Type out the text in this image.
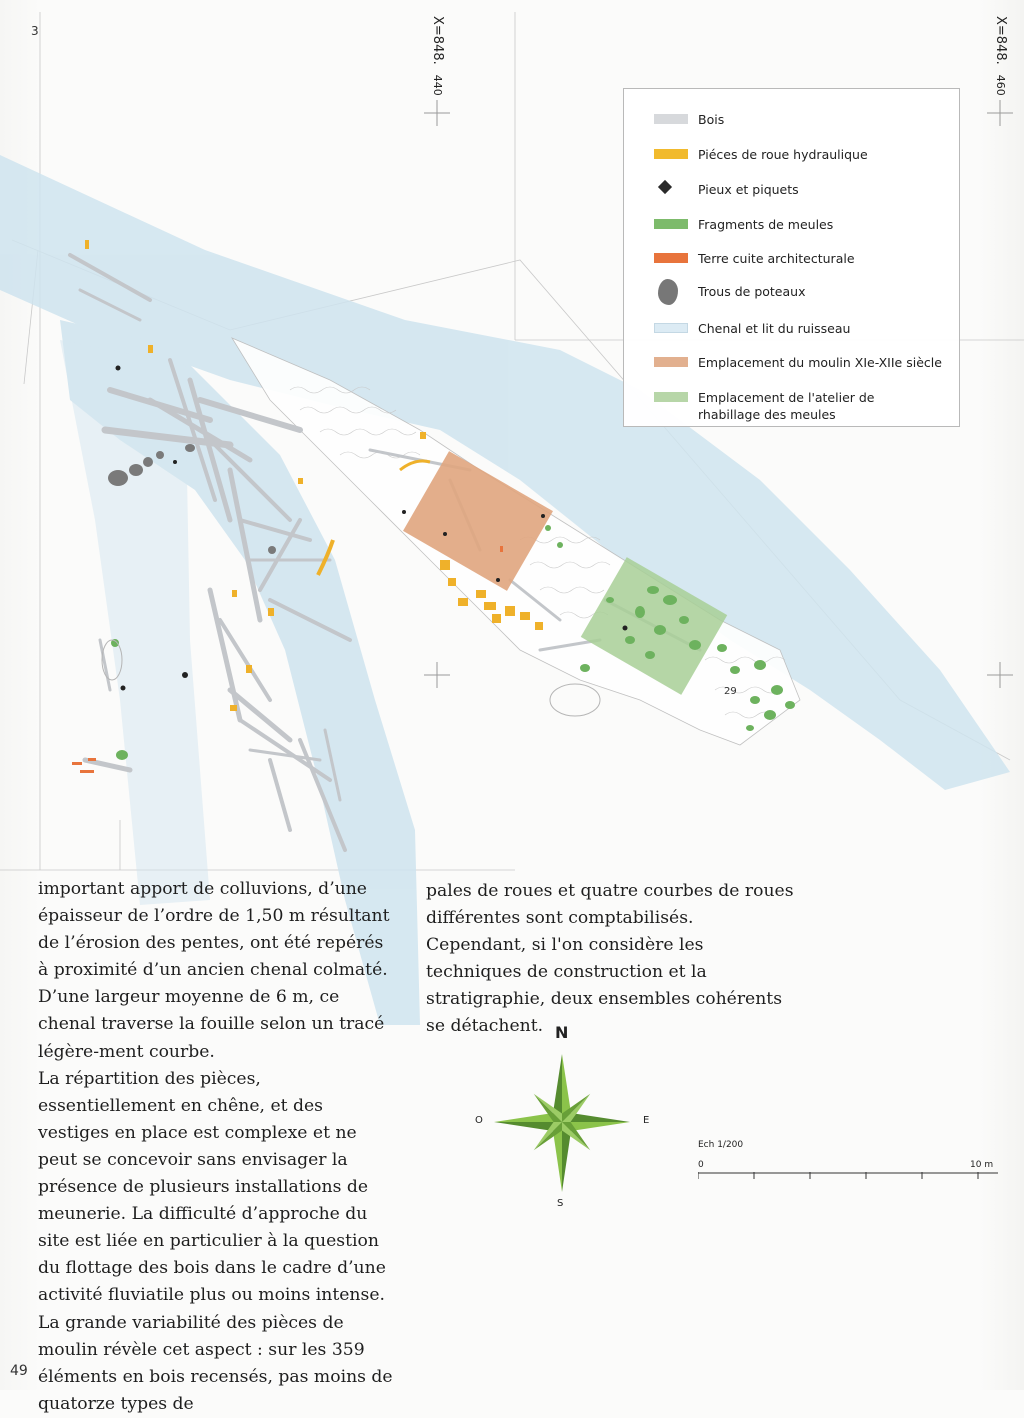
3	X=848.440
X=848.460
29
Bois
Piéces de roue hydraulique
Pieux et piquets
Fragments de meules
Terre cuite architecturale
Trous de poteaux
Chenal et lit du ruisseau
Emplacement du moulin XIe-XIIe siècle
Emplacement de l'atelier de rhabillage des meules

important apport de colluvions, d’une épaisseur de l’ordre de 1,50 m résultant de l’érosion des pentes, ont été repérés à proximité d’un ancien chenal colmaté. D’une largeur moyenne de 6 m, ce chenal traverse la fouille selon un tracé légère-ment courbe.

La répartition des pièces, essentiellement en chêne, et des vestiges en place est complexe et ne peut se concevoir sans envisager la présence de plusieurs installations de meunerie. La difficulté d’approche du site est liée en particulier à la question du flottage des bois dans le cadre d’une activité fluviatile plus ou moins intense. La grande variabilité des pièces de moulin révèle cet aspect : sur les 359 éléments en bois recensés, pas moins de quatorze types de

pales de roues et quatre courbes de roues différentes sont comptabilisés.

Cependant, si l'on considère les techniques de construction et la stratigraphie, deux ensembles cohérents se détachent. N
S
O	E
Ech 1/200
0	10 m
49
